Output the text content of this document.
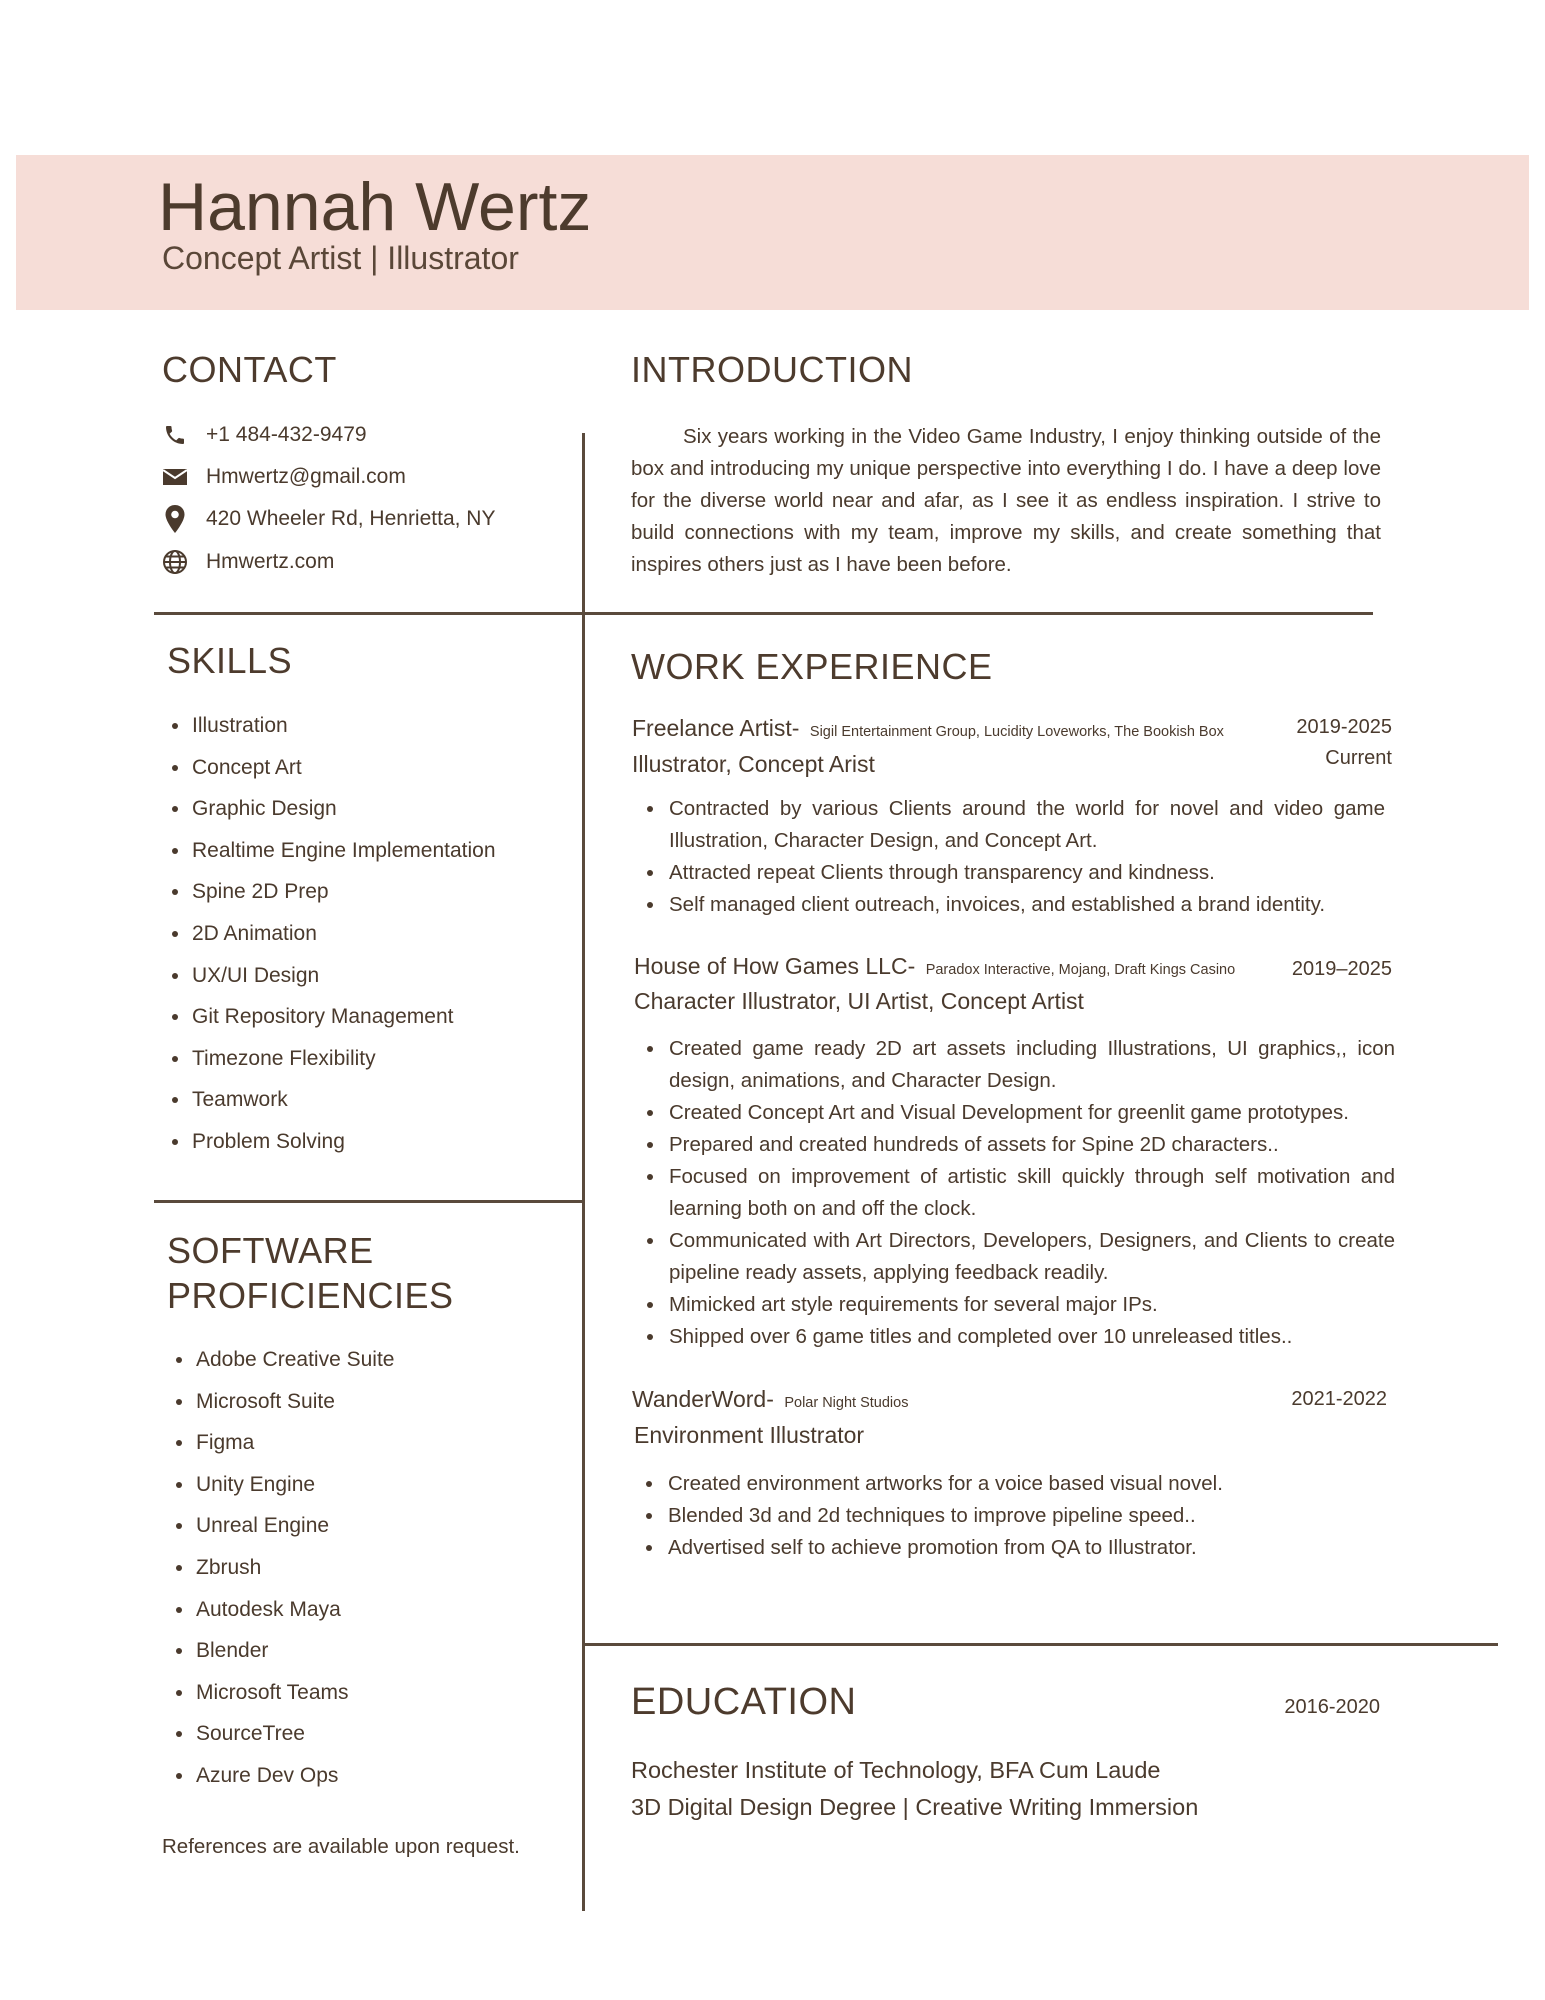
Hannah Wertz
Concept Artist | Illustrator
CONTACT
+1 484-432-9479
Hmwertz@gmail.com
420 Wheeler Rd, Henrietta, NY
Hmwertz.com
SKILLS
Illustration
Concept Art
Graphic Design
Realtime Engine Implementation
Spine 2D Prep
2D Animation
UX/UI Design
Git Repository Management
Timezone Flexibility
Teamwork
Problem Solving
SOFTWARE
PROFICIENCIES
Adobe Creative Suite
Microsoft Suite
Figma
Unity Engine
Unreal Engine
Zbrush
Autodesk Maya
Blender
Microsoft Teams
SourceTree
Azure Dev Ops
References are available upon request.
INTRODUCTION
Six years working in the Video Game Industry, I enjoy thinking outside of the box and introducing my unique perspective into everything I do. I have a deep love for the diverse world near and afar, as I see it as endless inspiration. I strive to build connections with my team, improve my skills, and create something that inspires others just as I have been before.
WORK EXPERIENCE
Freelance Artist- Sigil Entertainment Group, Lucidity Loveworks, The Bookish Box	2019-2025
Current
Illustrator, Concept Arist
Contracted by various Clients around the world for novel and video game Illustration, Character Design, and Concept Art.
Attracted repeat Clients through transparency and kindness.
Self managed client outreach, invoices, and established a brand identity.
House of How Games LLC- Paradox Interactive, Mojang, Draft Kings Casino	2019–2025
Character Illustrator, UI Artist, Concept Artist
Created game ready 2D art assets including Illustrations, UI graphics,, icon design, animations, and Character Design.
Created Concept Art and Visual Development for greenlit game prototypes.
Prepared and created hundreds of assets for Spine 2D characters..
Focused on improvement of artistic skill quickly through self motivation and learning both on and off the clock.
Communicated with Art Directors, Developers, Designers, and Clients to create pipeline ready assets, applying feedback readily.
Mimicked art style requirements for several major IPs.
Shipped over 6 game titles and completed over 10 unreleased titles..
WanderWord- Polar Night Studios	2021-2022
Environment Illustrator
Created environment artworks for a voice based visual novel.
Blended 3d and 2d techniques to improve pipeline speed..
Advertised self to achieve promotion from QA to Illustrator.
EDUCATION	2016-2020
Rochester Institute of Technology, BFA Cum Laude
3D Digital Design Degree | Creative Writing Immersion
